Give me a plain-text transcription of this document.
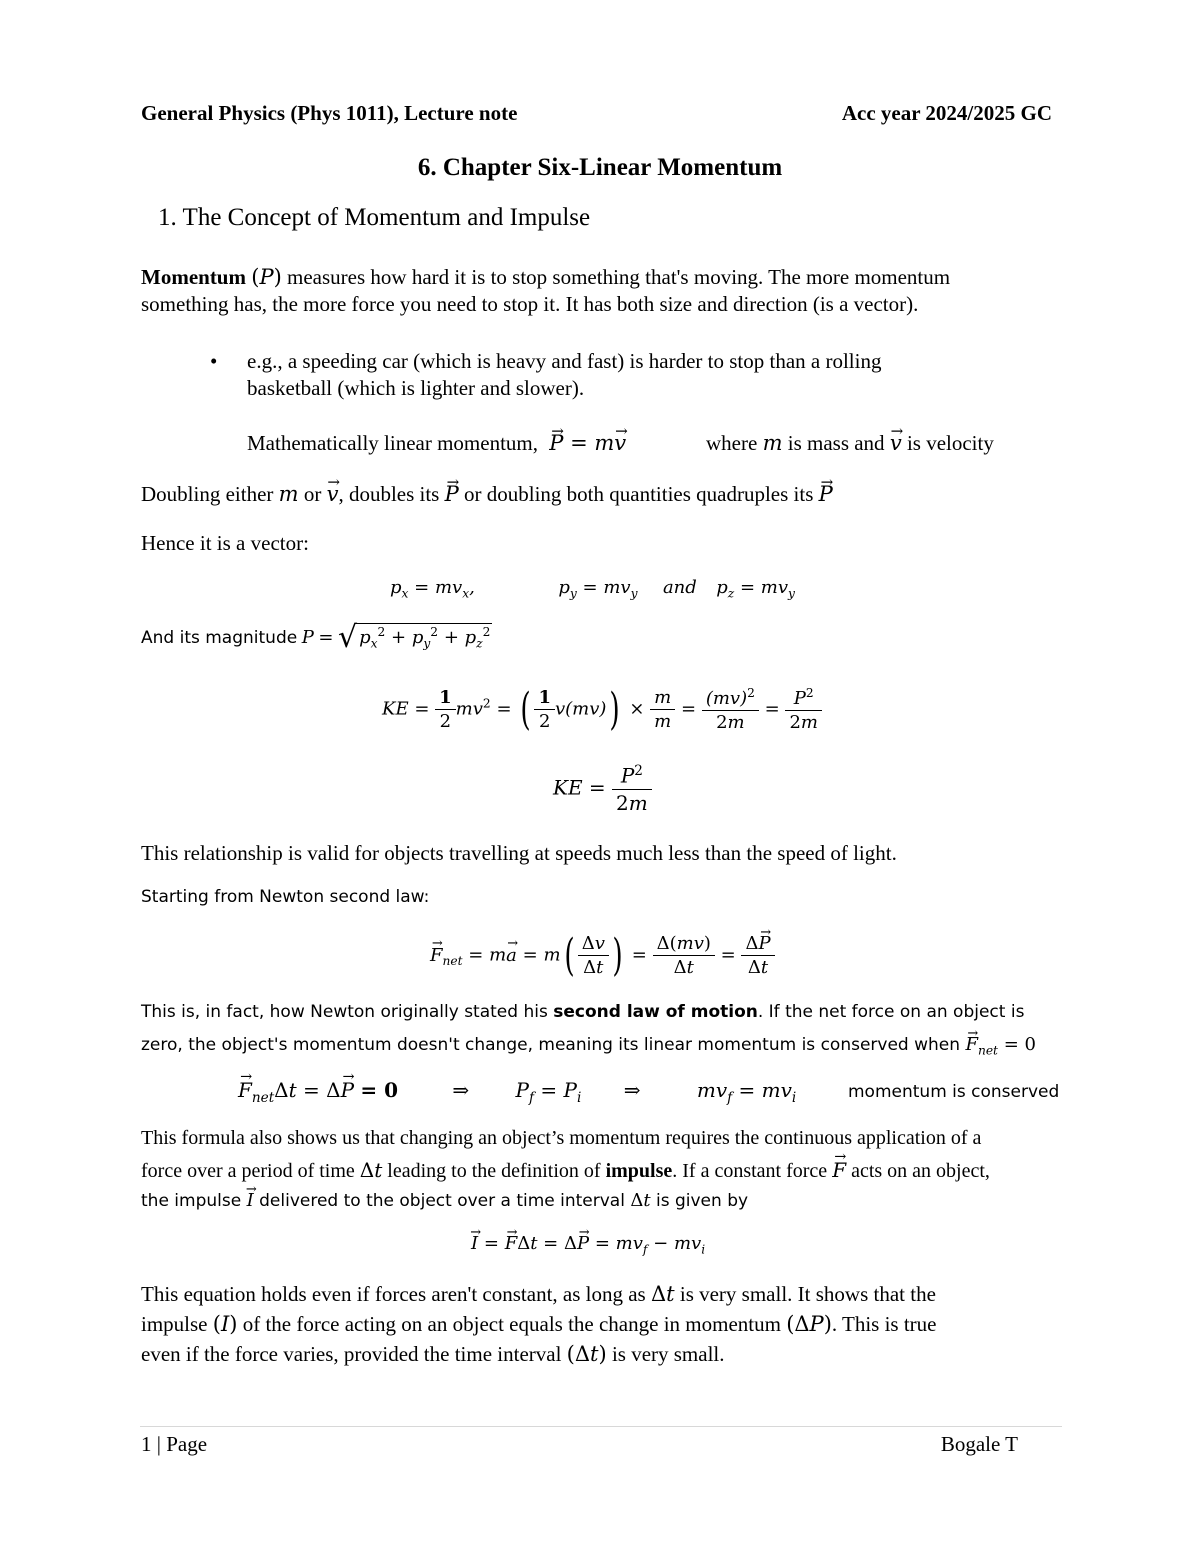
General Physics (Phys 1011), Lecture note	Acc year 2024/2025 GC
6. Chapter Six-Linear Momentum
1. The Concept of Momentum and Impulse
Momentum (P) measures how hard it is to stop something that's moving. The more momentum
something has, the more force you need to stop it. It has both size and direction (is a vector).
• e.g., a speeding car (which is heavy and fast) is harder to stop than a rolling
basketball (which is lighter and slower).
Mathematically linear momentum, → P = m→ v	where m is mass and → v is velocity
Doubling either m or → v, doubles its → P or doubling both quantities quadruples its → P
Hence it is a vector:
$p_x = mv_x$,	$p_y = mv_y$ and  $p_z = mv_y$
And its magnitude P = √ $p_x^2 + p_y^2 + p_z^2$
KE = $\frac{1}{2} mv^2$ = ( $\frac{1}{2} v(mv)) \times \frac{m}{m} = \frac{(mv)^2}{2m} = \frac{P^2}{2m}$
KE = $\frac{P^2}{2m}$
This relationship is valid for objects travelling at speeds much less than the speed of light.
Starting from Newton second law:
→ $F_{net} = m\to a = m( \frac{\Delta v}{\Delta t}$ ) = $\frac{\Delta(mv)}{\Delta t} = \frac{\Delta\to P}{\Delta t}$
This is, in fact, how Newton originally stated his second law of motion. If the net force on an object is
zero, the object's momentum doesn't change, meaning its linear momentum is conserved when → $F_{net} = 0$
→ $F_{net}\Delta t = \Delta\to P = 0$	⇒ $P_f = P_i$ ⇒	$mv_f = mv_i$	momentum is conserved
This formula also shows us that changing an object’s momentum requires the continuous application of a
force over a period of time Δt leading to the definition of impulse. If a constant force → F acts on an object,
the impulse → I delivered to the object over a time interval Δt is given by
→ I = → $F\Delta t = \Delta\to P = mv_f - mv_i$
This equation holds even if forces aren't constant, as long as Δt is very small. It shows that the
impulse (I) of the force acting on an object equals the change in momentum (ΔP). This is true
even if the force varies, provided the time interval (Δt) is very small.
1 | Page	Bogale T
